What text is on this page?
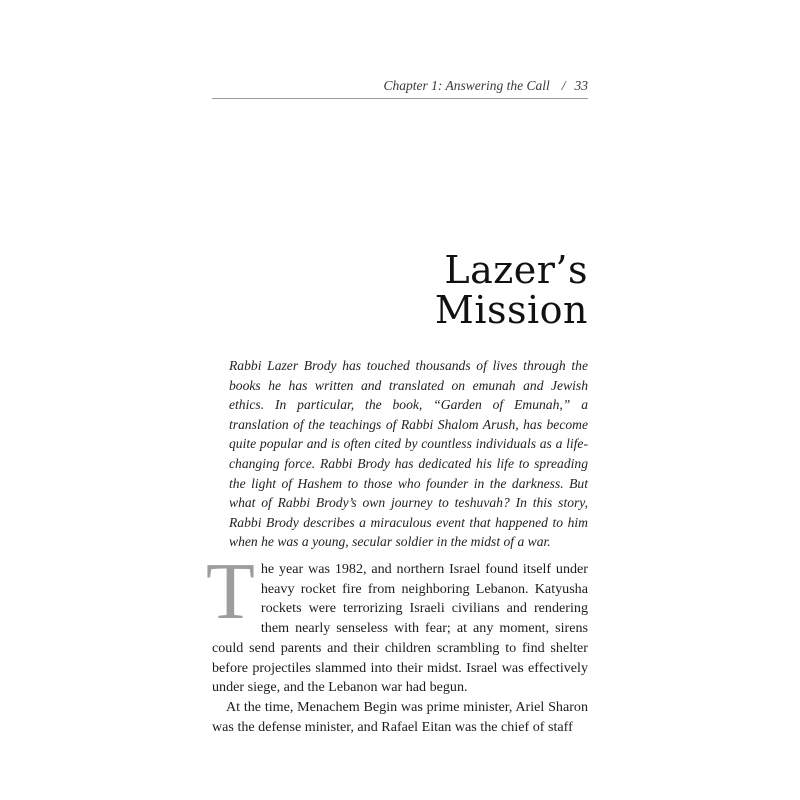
Chapter 1: Answering the Call / 33
Lazer’s
Mission

Rabbi Lazer Brody has touched thousands of lives through the books he has written and translated on emunah and Jewish ethics. In particular, the book, “Garden of Emunah,” a translation of the teachings of Rabbi Shalom Arush, has become quite popular and is often cited by countless individuals as a life-changing force. Rabbi Brody has dedicated his life to spreading the light of Hashem to those who founder in the darkness. But what of Rabbi Brody’s own journey to teshuvah? In this story, Rabbi Brody describes a miraculous event that happened to him when he was a young, secular soldier in the midst of a war.

The year was 1982, and northern Israel found itself under heavy rocket fire from neighboring Lebanon. Katyusha rockets were terrorizing Israeli civilians and rendering them nearly senseless with fear; at any moment, sirens could send parents and their children scrambling to find shelter before projectiles slammed into their midst. Israel was effectively under siege, and the Lebanon war had begun.

At the time, Menachem Begin was prime minister, Ariel Sharon was the defense minister, and Rafael Eitan was the chief of staff
